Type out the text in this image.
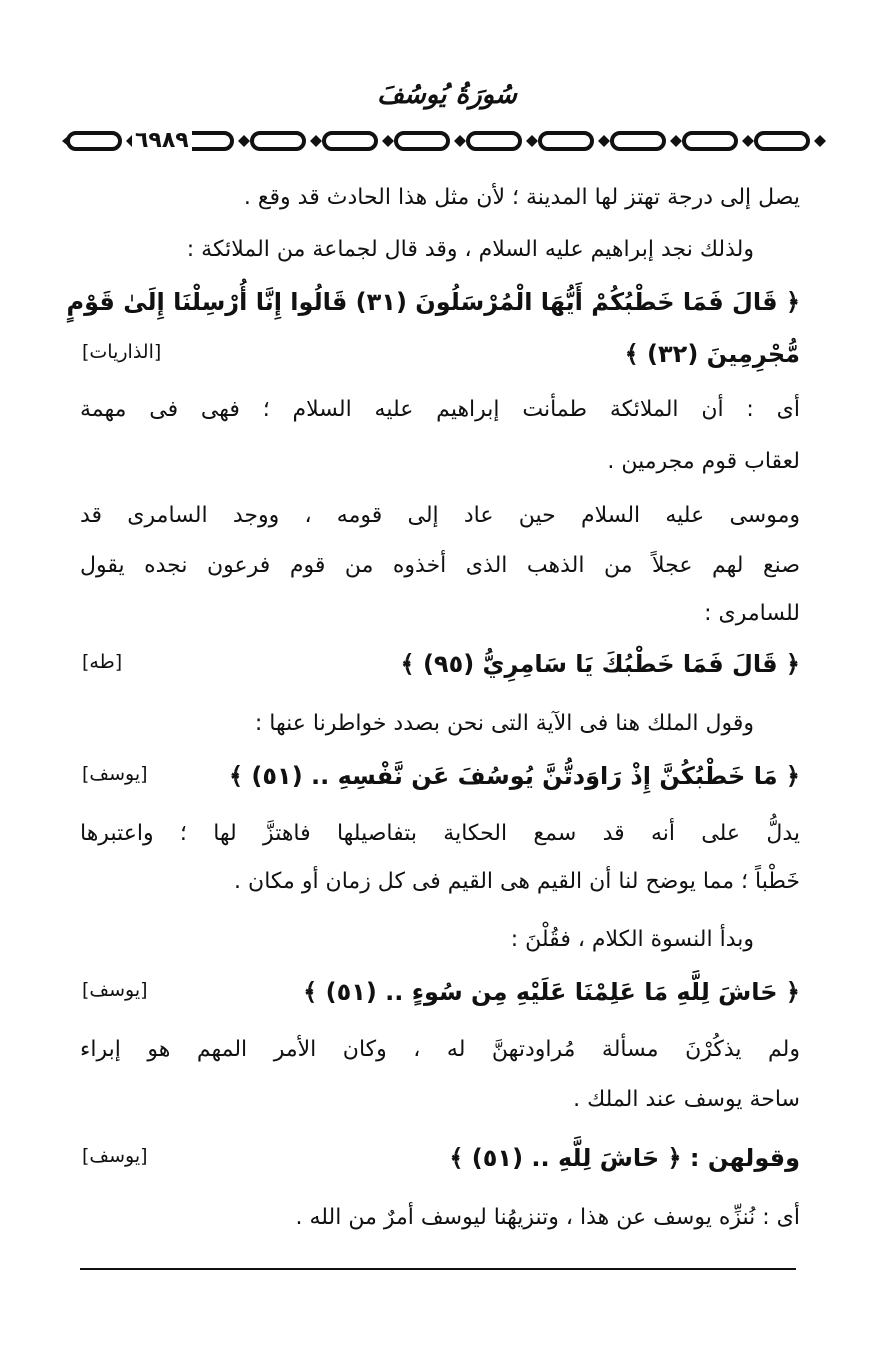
سُورَةُ يُوسُفَ
٦٩٨٩
يصل إلى درجة تهتز لها المدينة ؛ لأن مثل هذا الحادث قد وقع .
ولذلك نجد إبراهيم عليه السلام ، وقد قال لجماعة من الملائكة :
﴿ قَالَ فَمَا خَطْبُكُمْ أَيُّهَا الْمُرْسَلُونَ (٣١) قَالُوا إِنَّا أُرْسِلْنَا إِلَىٰ قَوْمٍ
مُّجْرِمِينَ (٣٢) ﴾
[الذاريات]
أى : أن الملائكة طمأنت إبراهيم عليه السلام ؛ فهى فى مهمة
لعقاب قوم مجرمين .
وموسى عليه السلام حين عاد إلى قومه ، ووجد السامرى قد
صنع لهم عجلاً من الذهب الذى أخذوه من قوم فرعون نجده يقول
للسامرى :
﴿ قَالَ فَمَا خَطْبُكَ يَا سَامِرِيُّ (٩٥) ﴾
[طه]
وقول الملك هنا فى الآية التى نحن بصدد خواطرنا عنها :
﴿ مَا خَطْبُكُنَّ إِذْ رَاوَدتُّنَّ يُوسُفَ عَن نَّفْسِهِ .. (٥١) ﴾
[يوسف]
يدلُّ على أنه قد سمع الحكاية بتفاصيلها فاهتزَّ لها ؛ واعتبرها
خَطْباً ؛ مما يوضح لنا أن القيم هى القيم فى كل زمان أو مكان .
وبدأ النسوة الكلام ، فقُلْنَ :
﴿ حَاشَ لِلَّهِ مَا عَلِمْنَا عَلَيْهِ مِن سُوءٍ .. (٥١) ﴾
[يوسف]
ولم يذكُرْنَ مسألة مُراودتهنَّ له ، وكان الأمر المهم هو إبراء
ساحة يوسف عند الملك .
وقولهن : ﴿ حَاشَ لِلَّهِ .. (٥١) ﴾
[يوسف]
أى : نُنزِّه يوسف عن هذا ، وتنزيهُنا ليوسف أمرٌ من الله .
